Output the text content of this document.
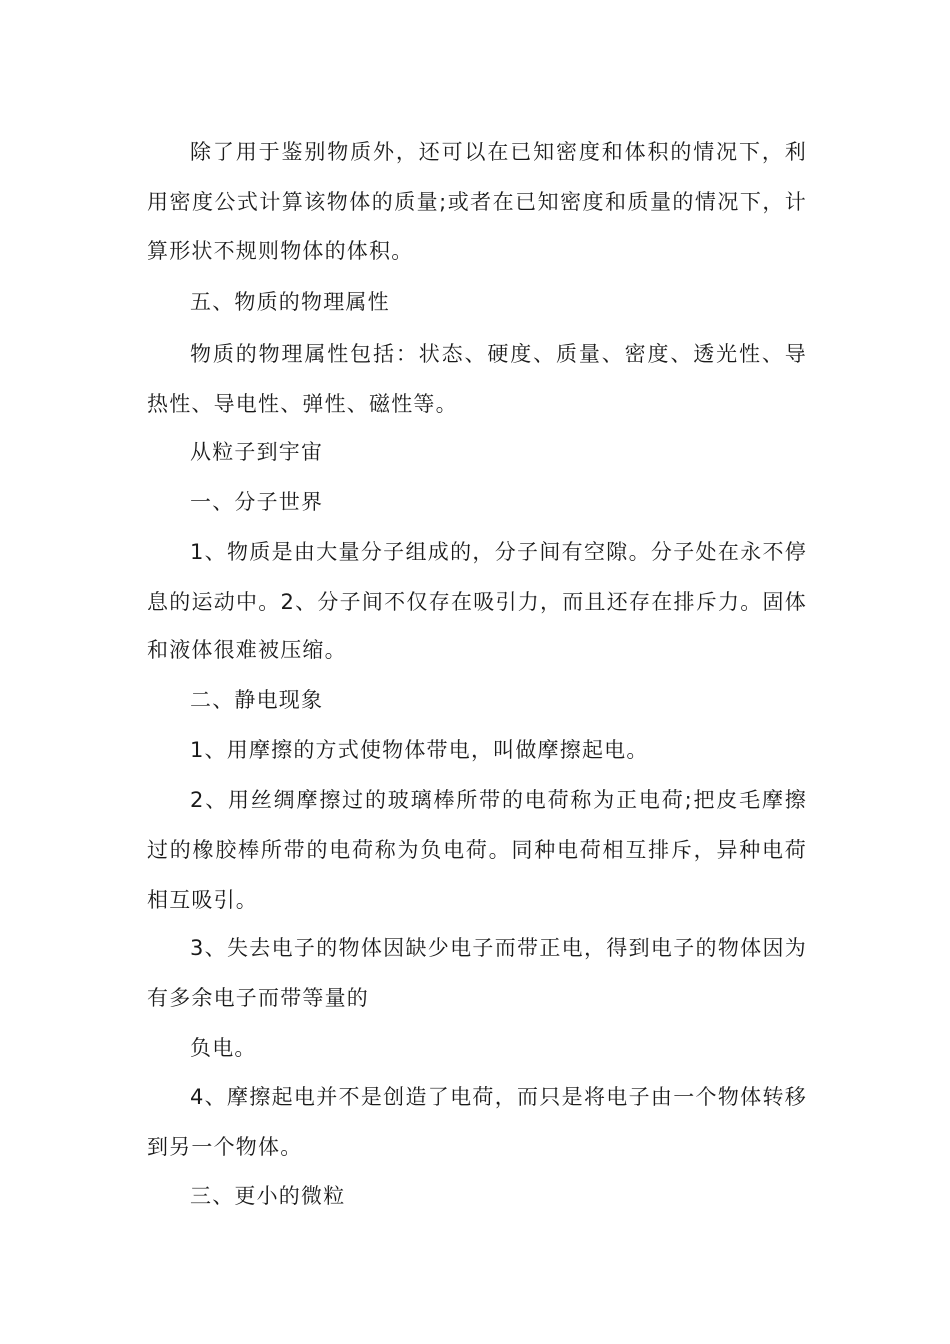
除了用于鉴别物质外，还可以在已知密度和体积的情况下，利
用密度公式计算该物体的质量;或者在已知密度和质量的情况下，计
算形状不规则物体的体积。
五、物质的物理属性
物质的物理属性包括：状态、硬度、质量、密度、透光性、导
热性、导电性、弹性、磁性等。
从粒子到宇宙
一、分子世界
1、物质是由大量分子组成的，分子间有空隙。分子处在永不停
息的运动中。2、分子间不仅存在吸引力，而且还存在排斥力。固体
和液体很难被压缩。
二、静电现象
1、用摩擦的方式使物体带电，叫做摩擦起电。
2、用丝绸摩擦过的玻璃棒所带的电荷称为正电荷;把皮毛摩擦
过的橡胶棒所带的电荷称为负电荷。同种电荷相互排斥，异种电荷
相互吸引。
3、失去电子的物体因缺少电子而带正电，得到电子的物体因为
有多余电子而带等量的
负电。
4、摩擦起电并不是创造了电荷，而只是将电子由一个物体转移
到另一个物体。
三、更小的微粒
